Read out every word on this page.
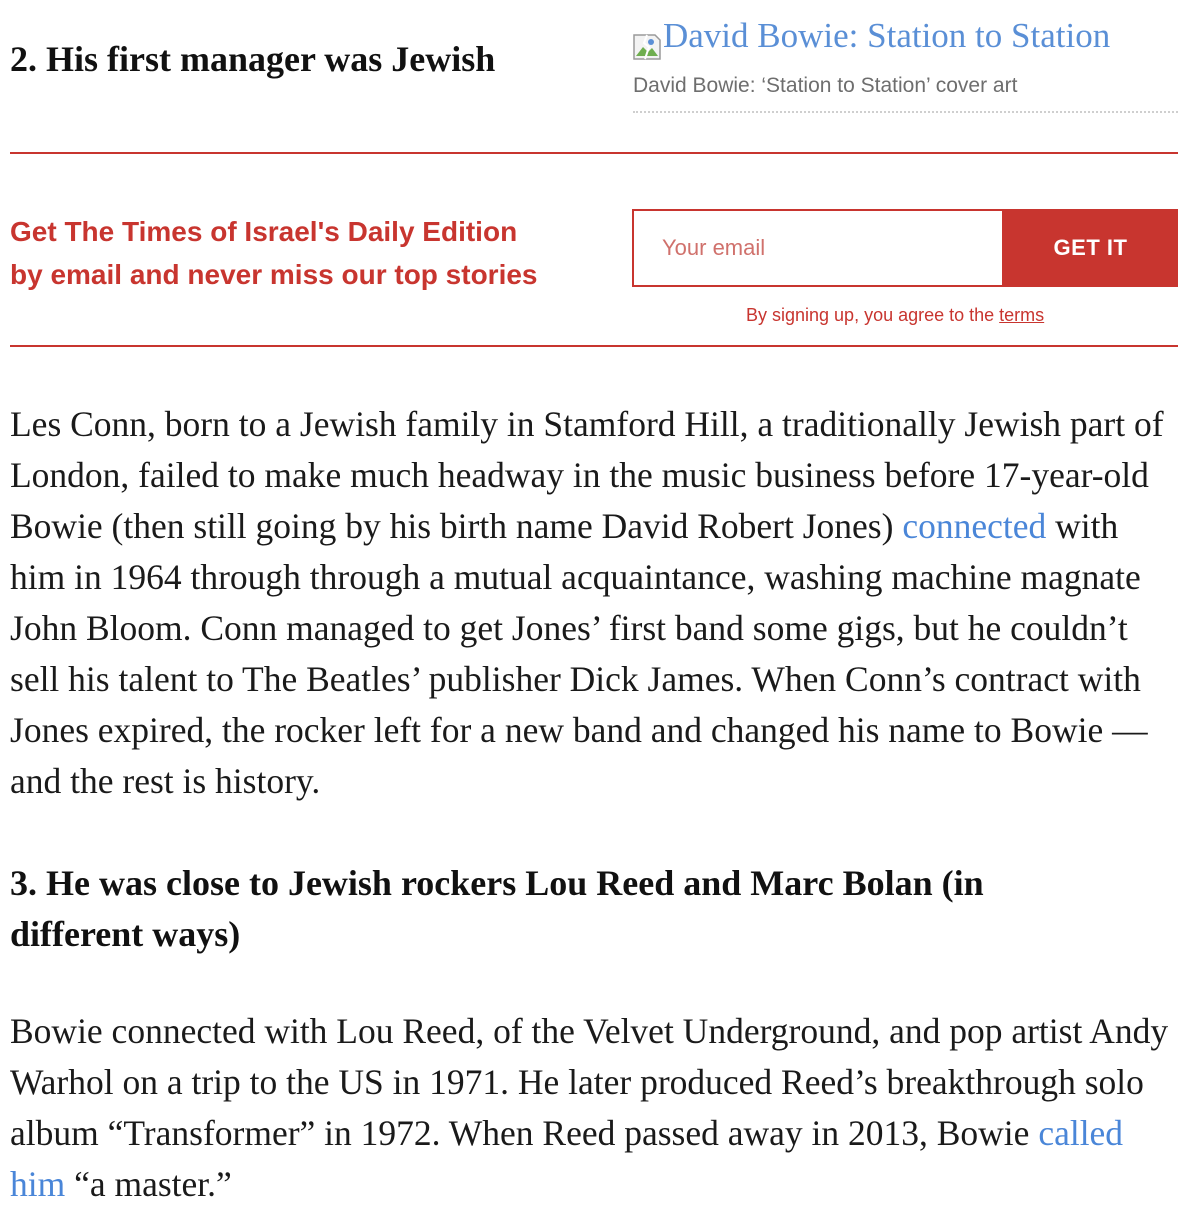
2. His first manager was Jewish
David Bowie: Station to Station
David Bowie: ‘Station to Station’ cover art
Get The Times of Israel's Daily Edition
by email and never miss our top stories
Your email
GET IT
By signing up, you agree to the terms

Les Conn, born to a Jewish family in Stamford Hill, a traditionally Jewish part of London, failed to make much headway in the music business before 17-year-old Bowie (then still going by his birth name David Robert Jones) connected with him in 1964 through through a mutual acquaintance, washing machine magnate John Bloom. Conn managed to get Jones’ first band some gigs, but he couldn’t sell his talent to The Beatles’ publisher Dick James. When Conn’s contract with Jones expired, the rocker left for a new band and changed his name to Bowie — and the rest is history.

3. He was close to Jewish rockers Lou Reed and Marc Bolan (in different ways)

Bowie connected with Lou Reed, of the Velvet Underground, and pop artist Andy Warhol on a trip to the US in 1971. He later produced Reed’s breakthrough solo album “Transformer” in 1972. When Reed passed away in 2013, Bowie called him “a master.”
